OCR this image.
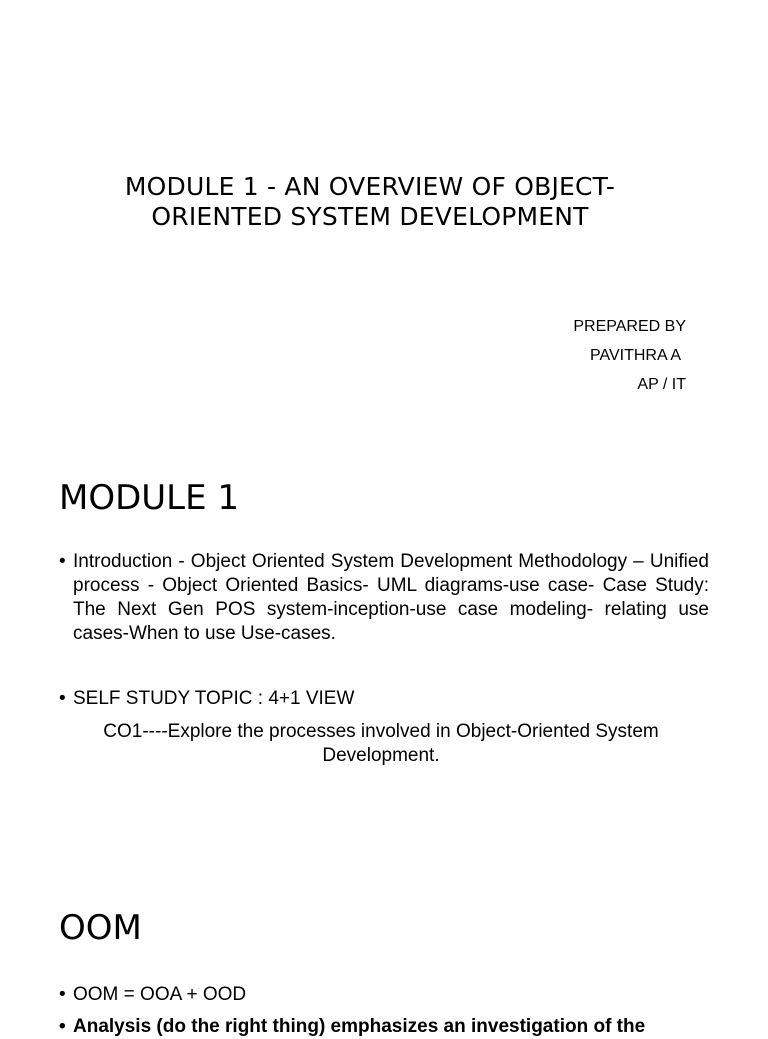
MODULE 1 - AN OVERVIEW OF OBJECT-ORIENTED SYSTEM DEVELOPMENT
PREPARED BY
PAVITHRA A
AP / IT
MODULE 1
• Introduction - Object Oriented System Development Methodology – Unified process - Object Oriented Basics- UML diagrams-use case- Case Study: The Next Gen POS system-inception-use case modeling- relating use cases-When to use Use-cases.
• SELF STUDY TOPIC : 4+1 VIEW
CO1----Explore the processes involved in Object-Oriented System Development.
OOM
• OOM = OOA + OOD
• Analysis (do the right thing) emphasizes an investigation of the
